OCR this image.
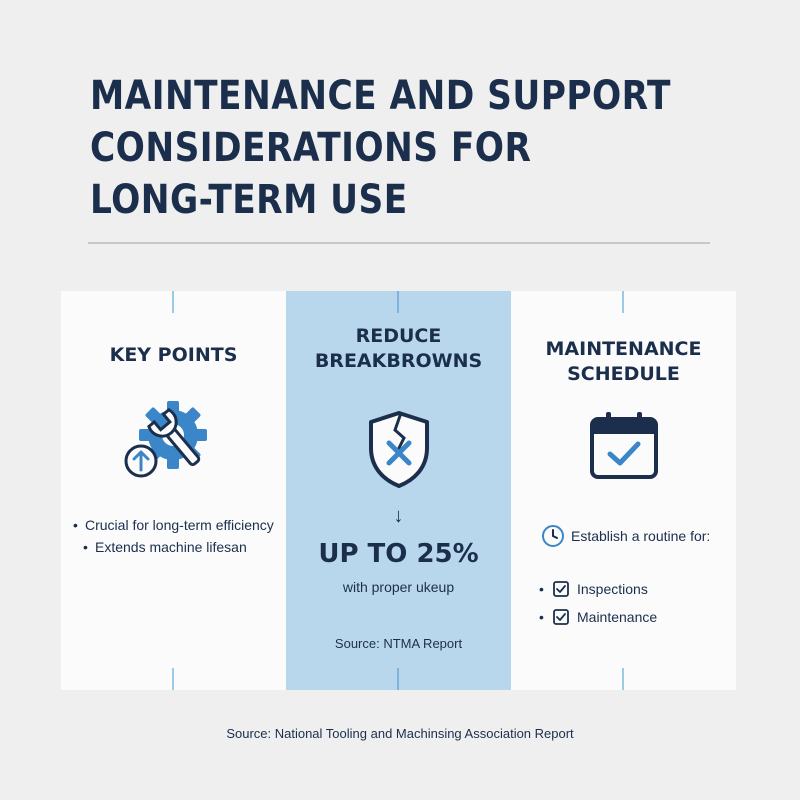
MAINTENANCE AND SUPPORT
CONSIDERATIONS FOR
LONG-TERM USE
KEY POINTS
• Crucial for long-term efficiency
• Extends machine lifesan
REDUCE
BREAKBROWNS
↓
UP TO 25%
with proper ukeup
Source: NTMA Report
MAINTENANCE
SCHEDULE
Establish a routine for:
•	Inspections
•	Maintenance
Source: National Tooling and Machinsing Association Report
